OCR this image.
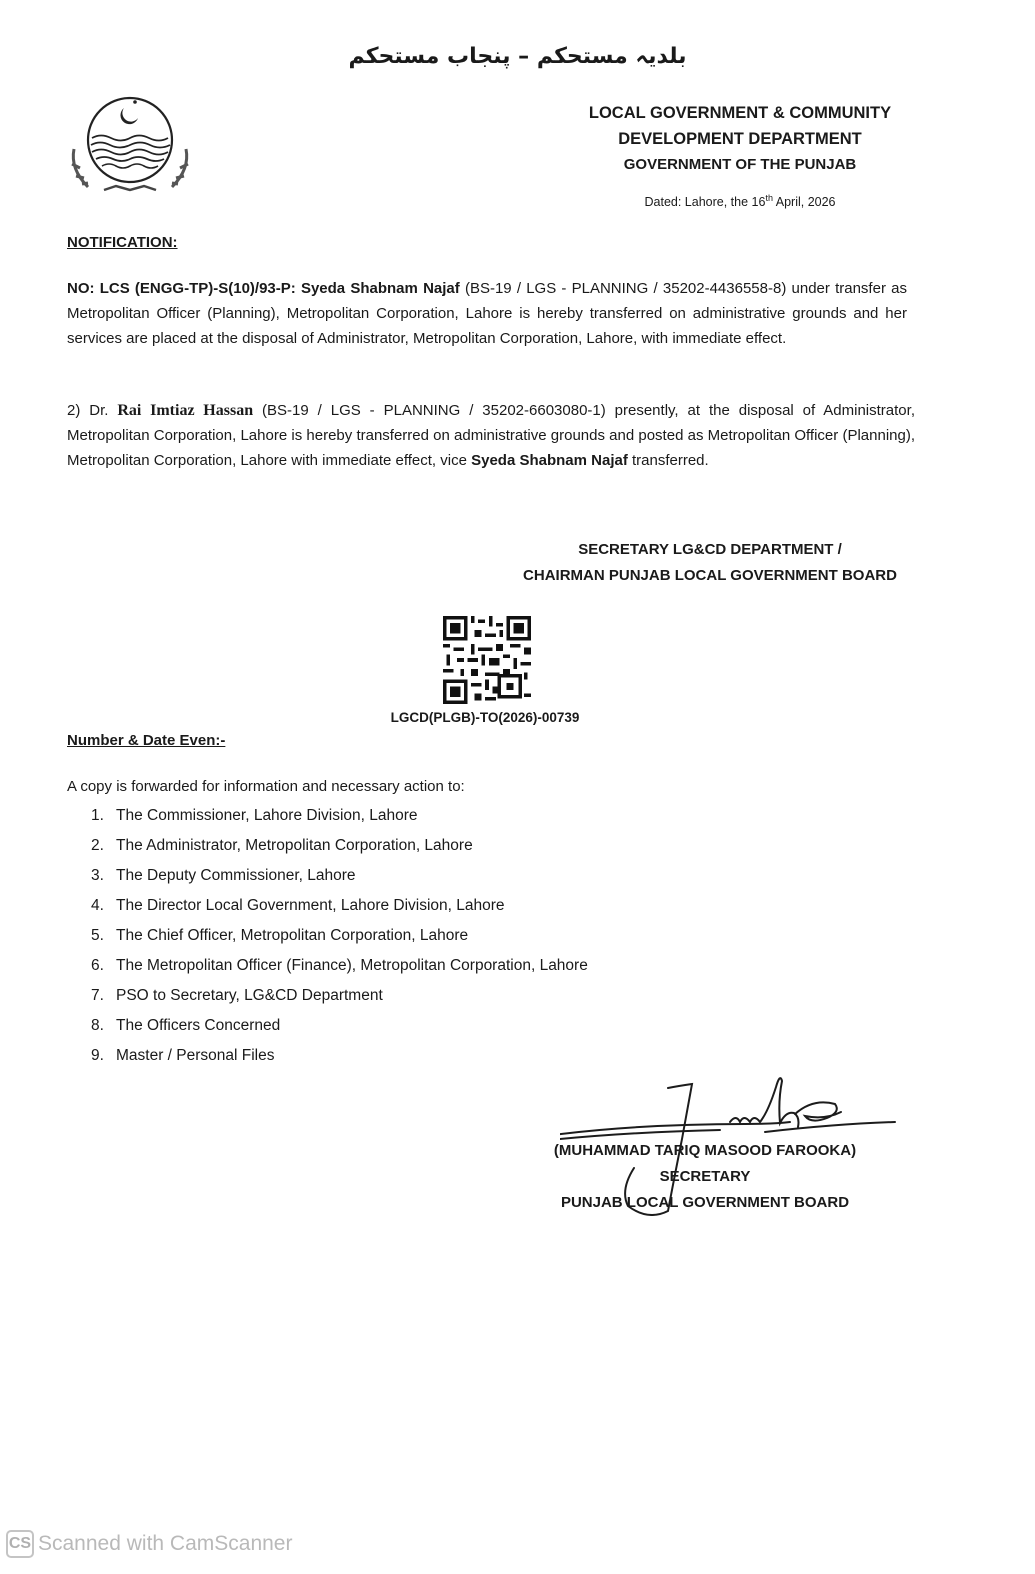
بلدیہ مستحکم – پنجاب مستحکم
LOCAL GOVERNMENT & COMMUNITY
DEVELOPMENT DEPARTMENT
GOVERNMENT OF THE PUNJAB
Dated: Lahore, the 16th April, 2026
NOTIFICATION:
NO: LCS (ENGG-TP)-S(10)/93-P: Syeda Shabnam Najaf (BS-19 / LGS - PLANNING / 35202-4436558-8) under transfer as Metropolitan Officer (Planning), Metropolitan Corporation, Lahore is hereby transferred on administrative grounds and her services are placed at the disposal of Administrator, Metropolitan Corporation, Lahore, with immediate effect.
2) Dr. Rai Imtiaz Hassan (BS-19 / LGS - PLANNING / 35202-6603080-1) presently, at the disposal of Administrator, Metropolitan Corporation, Lahore is hereby transferred on administrative grounds and posted as Metropolitan Officer (Planning), Metropolitan Corporation, Lahore with immediate effect, vice Syeda Shabnam Najaf transferred.
SECRETARY LG&CD DEPARTMENT /
CHAIRMAN PUNJAB LOCAL GOVERNMENT BOARD
LGCD(PLGB)-TO(2026)-00739
Number & Date Even:-
A copy is forwarded for information and necessary action to:
1. The Commissioner, Lahore Division, Lahore
2. The Administrator, Metropolitan Corporation, Lahore
3. The Deputy Commissioner, Lahore
4. The Director Local Government, Lahore Division, Lahore
5. The Chief Officer, Metropolitan Corporation, Lahore
6. The Metropolitan Officer (Finance), Metropolitan Corporation, Lahore
7. PSO to Secretary, LG&CD Department
8. The Officers Concerned
9. Master / Personal Files
(MUHAMMAD TARIQ MASOOD FAROOKA)
SECRETARY
PUNJAB LOCAL GOVERNMENT BOARD
CS Scanned with CamScanner
